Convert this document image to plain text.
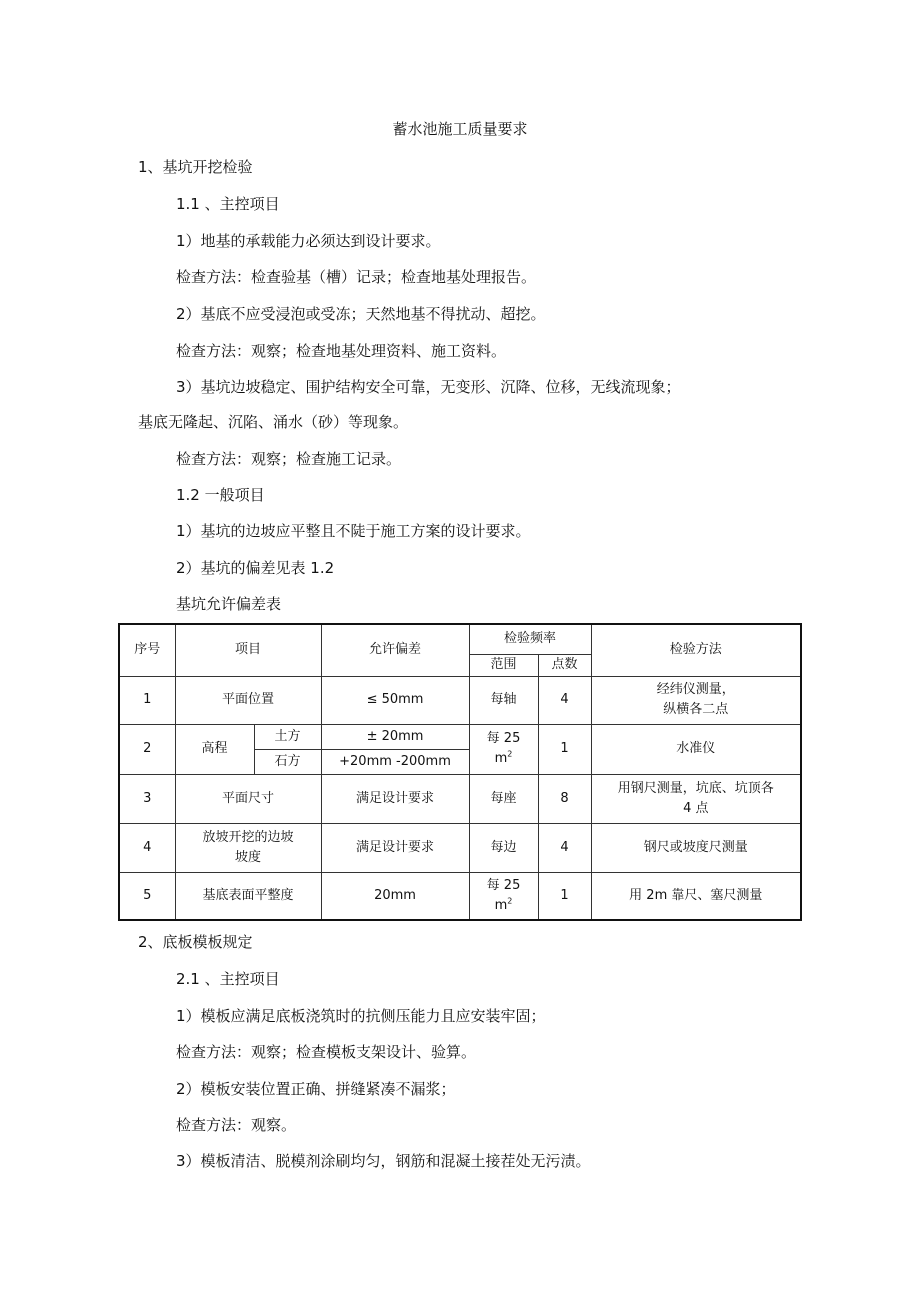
蓄水池施工质量要求
1、基坑开挖检验
1.1 、主控项目
1）地基的承载能力必须达到设计要求。
检查方法：检查验基（槽）记录；检查地基处理报告。
2）基底不应受浸泡或受冻；天然地基不得扰动、超挖。
检查方法：观察；检查地基处理资料、施工资料。
3）基坑边坡稳定、围护结构安全可靠，无变形、沉降、位移，无线流现象；
基底无隆起、沉陷、涌水（砂）等现象。
检查方法：观察；检查施工记录。
1.2 一般项目
1）基坑的边坡应平整且不陡于施工方案的设计要求。
2）基坑的偏差见表 1.2
基坑允许偏差表
序号	项目		允许偏差	检验频率		检验方法
				范围	点数	
1	平面位置		≤ 50mm	每轴	4	经纬仪测量，
纵横各二点

2	高程	土方	± 20mm	每 25
$m^2$	1	水准仪
		石方	+20mm -200mm			
3	平面尺寸		满足设计要求	每座	8	用钢尺测量，坑底、坑顶各
4 点

4	放坡开挖的边坡
坡度		满足设计要求	每边	4	钢尺或坡度尺测量
5	基底表面平整度		20mm	每 25
$m^2$	1	用 2m 靠尺、塞尺测量
2、底板模板规定
2.1 、主控项目
1）模板应满足底板浇筑时的抗侧压能力且应安装牢固；
检查方法：观察；检查模板支架设计、验算。
2）模板安装位置正确、拼缝紧凑不漏浆；
检查方法：观察。
3）模板清洁、脱模剂涂刷均匀，钢筋和混凝土接茬处无污渍。
